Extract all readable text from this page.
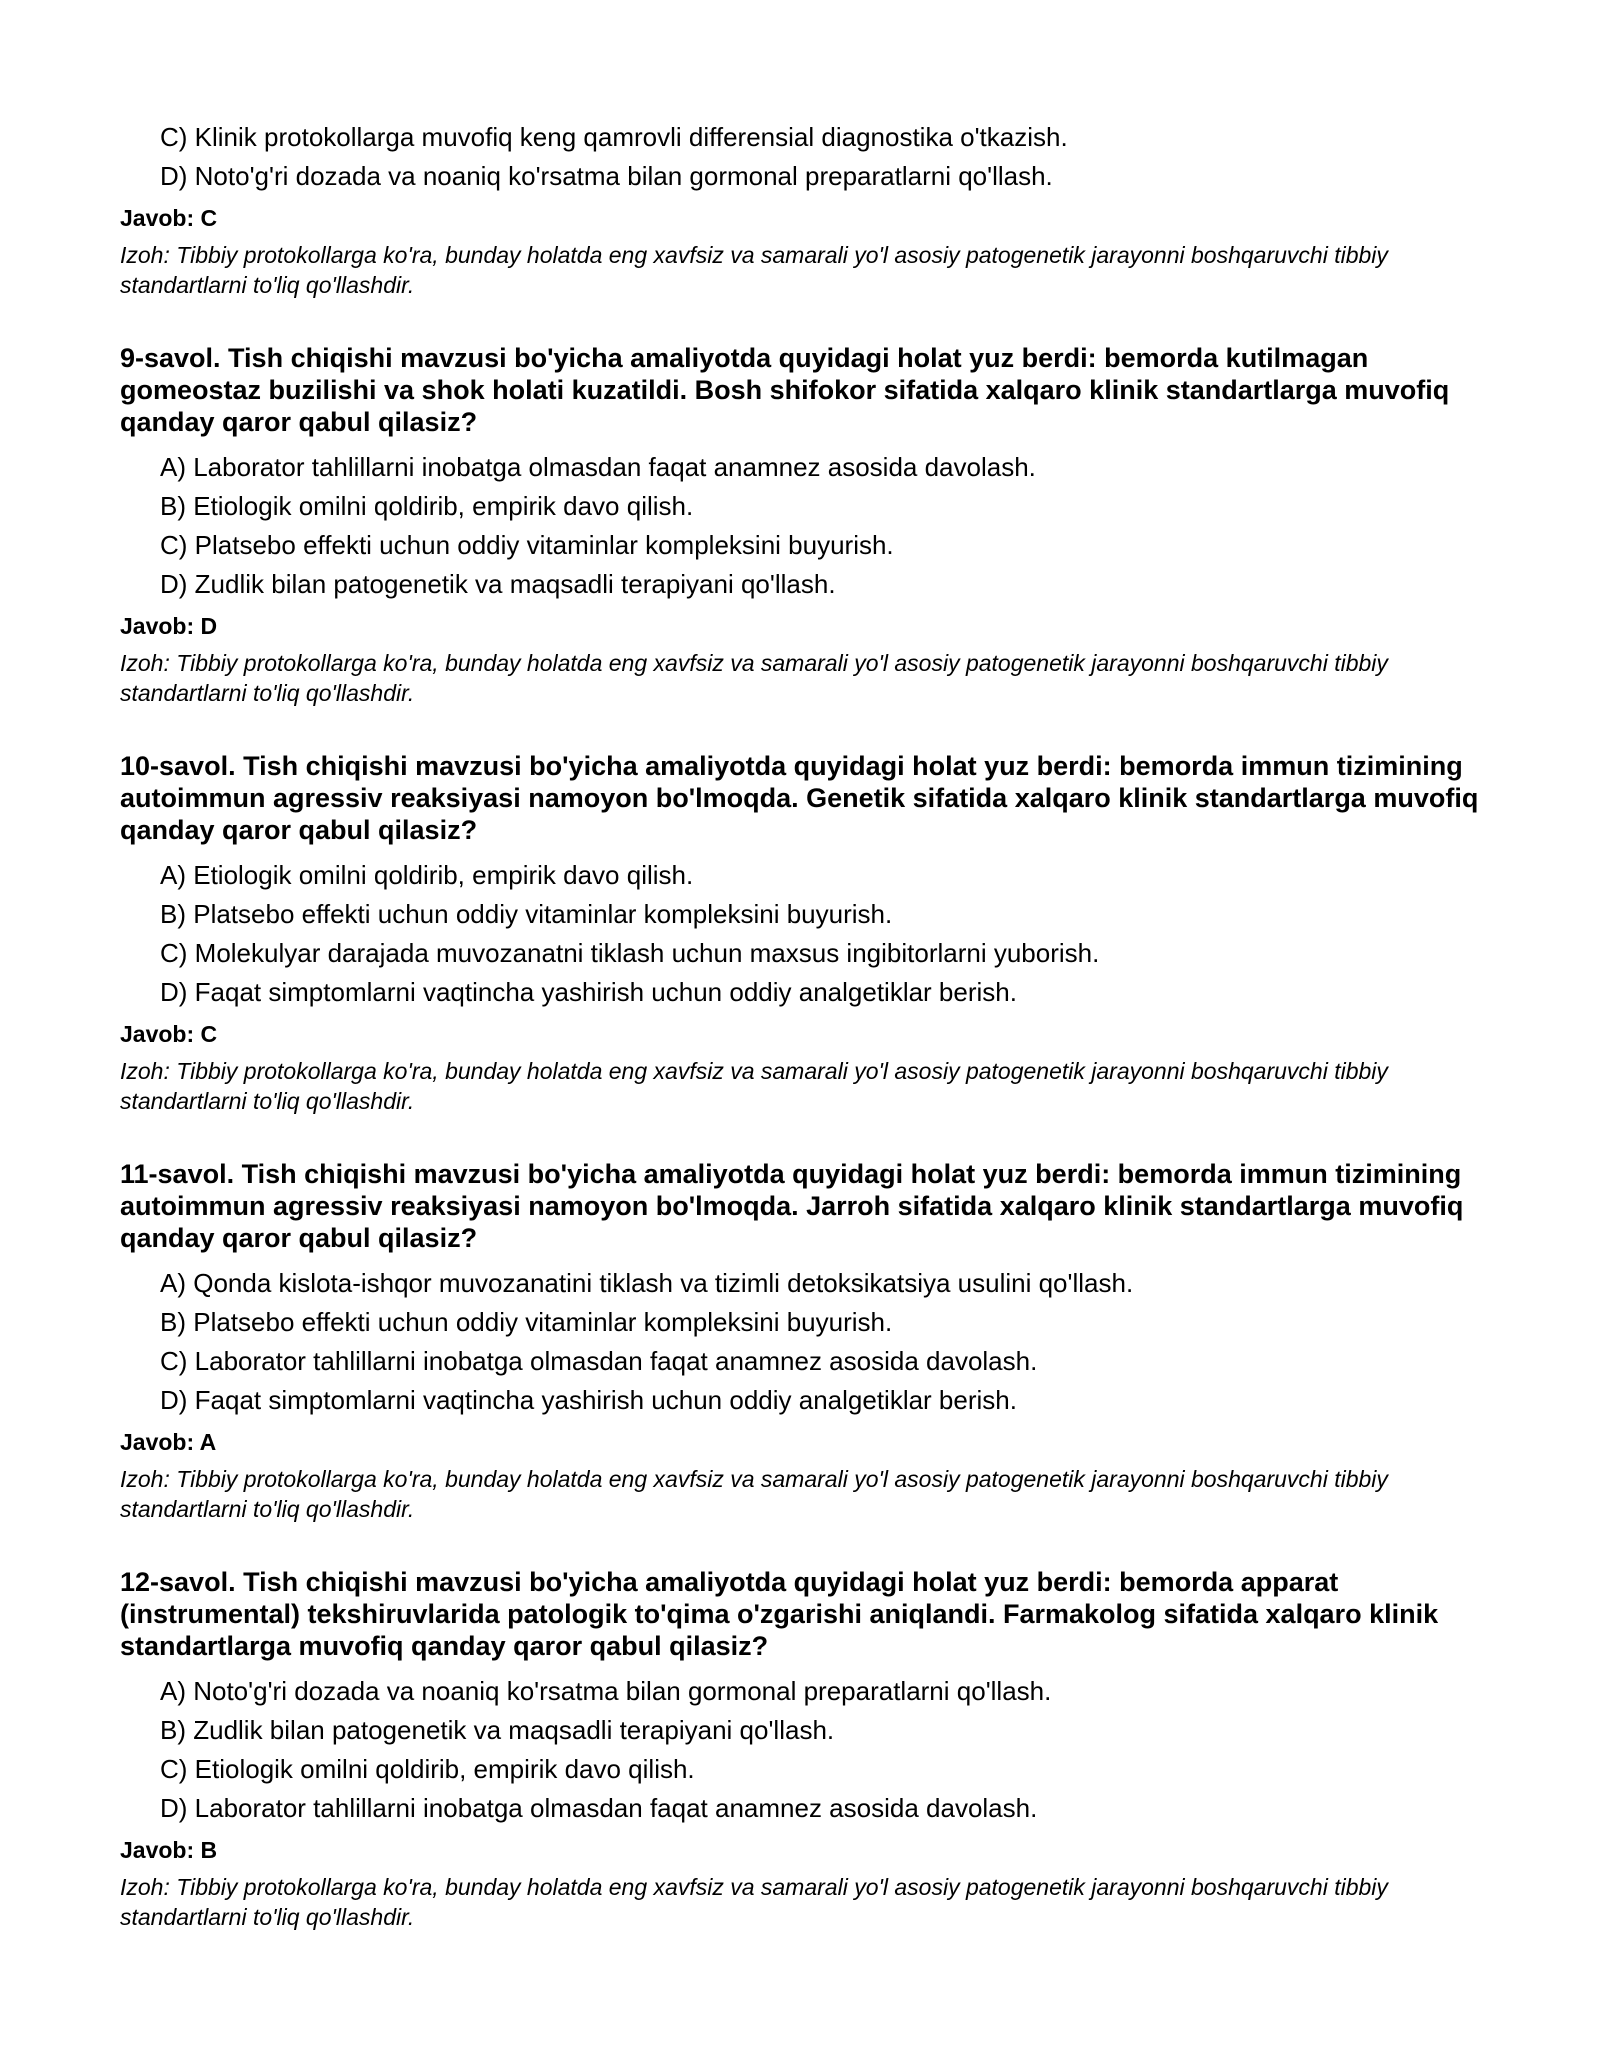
C) Klinik protokollarga muvofiq keng qamrovli differensial diagnostika o'tkazish.
D) Noto'g'ri dozada va noaniq ko'rsatma bilan gormonal preparatlarni qo'llash.
Javob: C
Izoh: Tibbiy protokollarga ko'ra, bunday holatda eng xavfsiz va samarali yo'l asosiy patogenetik jarayonni boshqaruvchi tibbiy standartlarni to'liq qo'llashdir.
9-savol. Tish chiqishi mavzusi bo'yicha amaliyotda quyidagi holat yuz berdi: bemorda kutilmagan gomeostaz buzilishi va shok holati kuzatildi. Bosh shifokor sifatida xalqaro klinik standartlarga muvofiq qanday qaror qabul qilasiz?
A) Laborator tahlillarni inobatga olmasdan faqat anamnez asosida davolash.
B) Etiologik omilni qoldirib, empirik davo qilish.
C) Platsebo effekti uchun oddiy vitaminlar kompleksini buyurish.
D) Zudlik bilan patogenetik va maqsadli terapiyani qo'llash.
Javob: D
Izoh: Tibbiy protokollarga ko'ra, bunday holatda eng xavfsiz va samarali yo'l asosiy patogenetik jarayonni boshqaruvchi tibbiy standartlarni to'liq qo'llashdir.
10-savol. Tish chiqishi mavzusi bo'yicha amaliyotda quyidagi holat yuz berdi: bemorda immun tizimining autoimmun agressiv reaksiyasi namoyon bo'lmoqda. Genetik sifatida xalqaro klinik standartlarga muvofiq qanday qaror qabul qilasiz?
A) Etiologik omilni qoldirib, empirik davo qilish.
B) Platsebo effekti uchun oddiy vitaminlar kompleksini buyurish.
C) Molekulyar darajada muvozanatni tiklash uchun maxsus ingibitorlarni yuborish.
D) Faqat simptomlarni vaqtincha yashirish uchun oddiy analgetiklar berish.
Javob: C
Izoh: Tibbiy protokollarga ko'ra, bunday holatda eng xavfsiz va samarali yo'l asosiy patogenetik jarayonni boshqaruvchi tibbiy standartlarni to'liq qo'llashdir.
11-savol. Tish chiqishi mavzusi bo'yicha amaliyotda quyidagi holat yuz berdi: bemorda immun tizimining autoimmun agressiv reaksiyasi namoyon bo'lmoqda. Jarroh sifatida xalqaro klinik standartlarga muvofiq qanday qaror qabul qilasiz?
A) Qonda kislota-ishqor muvozanatini tiklash va tizimli detoksikatsiya usulini qo'llash.
B) Platsebo effekti uchun oddiy vitaminlar kompleksini buyurish.
C) Laborator tahlillarni inobatga olmasdan faqat anamnez asosida davolash.
D) Faqat simptomlarni vaqtincha yashirish uchun oddiy analgetiklar berish.
Javob: A
Izoh: Tibbiy protokollarga ko'ra, bunday holatda eng xavfsiz va samarali yo'l asosiy patogenetik jarayonni boshqaruvchi tibbiy standartlarni to'liq qo'llashdir.
12-savol. Tish chiqishi mavzusi bo'yicha amaliyotda quyidagi holat yuz berdi: bemorda apparat (instrumental) tekshiruvlarida patologik to'qima o'zgarishi aniqlandi. Farmakolog sifatida xalqaro klinik standartlarga muvofiq qanday qaror qabul qilasiz?
A) Noto'g'ri dozada va noaniq ko'rsatma bilan gormonal preparatlarni qo'llash.
B) Zudlik bilan patogenetik va maqsadli terapiyani qo'llash.
C) Etiologik omilni qoldirib, empirik davo qilish.
D) Laborator tahlillarni inobatga olmasdan faqat anamnez asosida davolash.
Javob: B
Izoh: Tibbiy protokollarga ko'ra, bunday holatda eng xavfsiz va samarali yo'l asosiy patogenetik jarayonni boshqaruvchi tibbiy standartlarni to'liq qo'llashdir.
